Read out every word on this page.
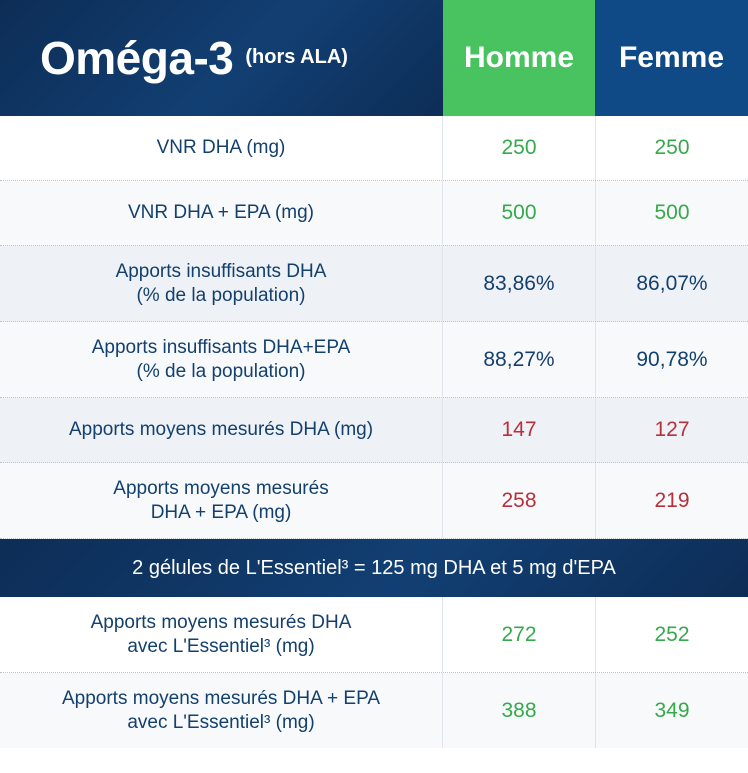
Oméga-3 (hors ALA)	Homme Femme
VNR DHA (mg)	250	250
VNR DHA + EPA (mg)	500	500
Apports insuffisants DHA
(% de la population)
83,86%	86,07%
Apports insuffisants DHA+EPA
(% de la population)
88,27%	90,78%
Apports moyens mesurés DHA (mg)	147	127
Apports moyens mesurés
DHA + EPA (mg)
258	219
2 gélules de L'Essentiel³ = 125 mg DHA et 5 mg d'EPA
Apports moyens mesurés DHA
avec L'Essentiel³ (mg)
272	252
Apports moyens mesurés DHA + EPA
avec L'Essentiel³ (mg)
388	349
